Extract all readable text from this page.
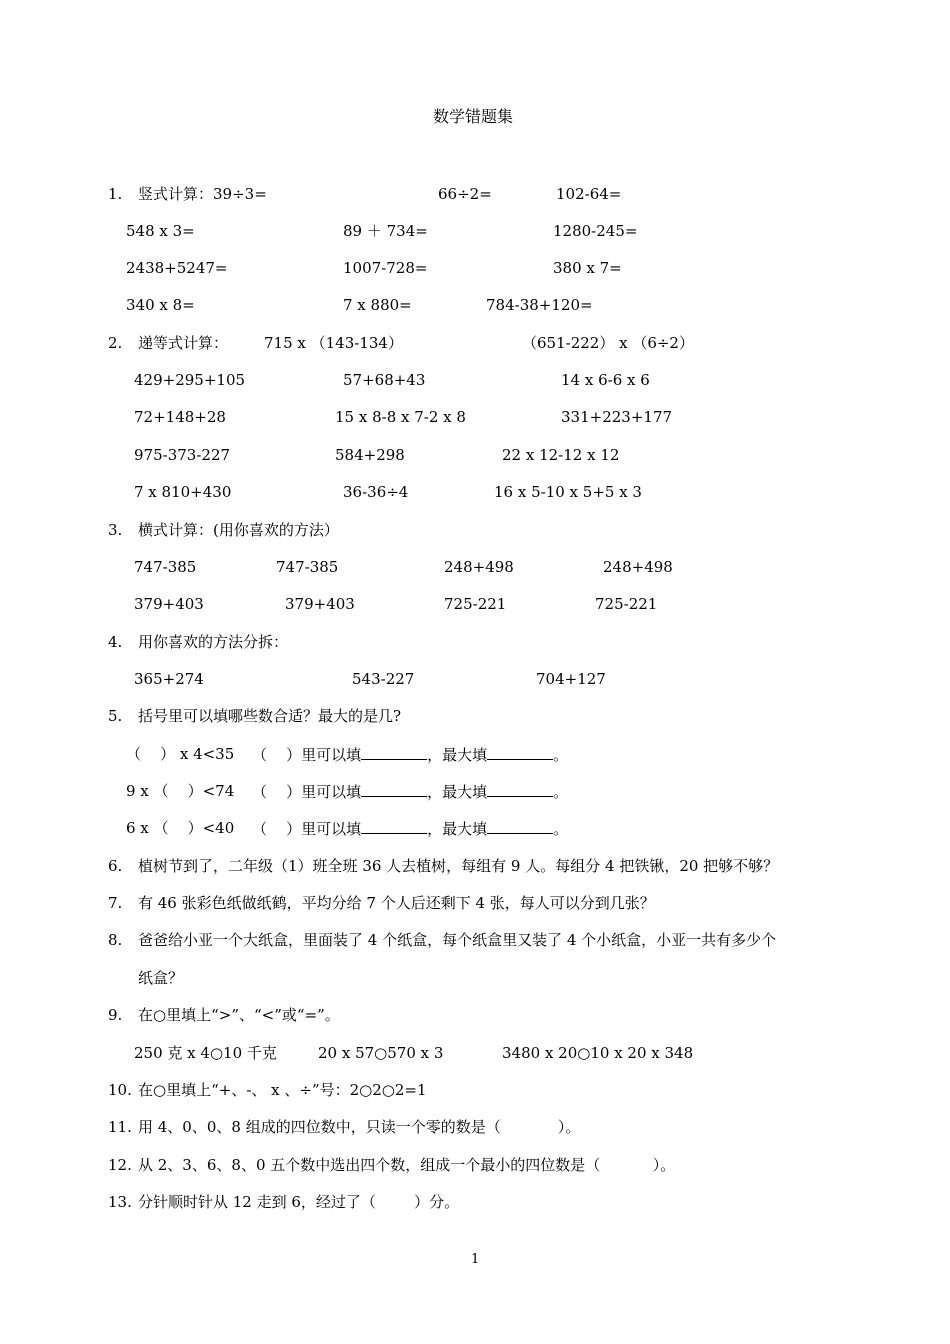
数学错题集
1. 竖式计算：39÷3=	66÷2=	102-64=
548 x 3=	89 ＋ 734=	1280-245=
2438+5247=	1007-728=	380 x 7=
340 x 8=	7 x 880=	784-38+120=
2. 递等式计算： 715 x （143-134）	（651-222） x （6÷2）
429+295+105	57+68+43	14 x 6-6 x 6
72+148+28	15 x 8-8 x 7-2 x 8	331+223+177
975-373-227	584+298	22 x 12-12 x 12
7 x 810+430	36-36÷4	16 x 5-10 x 5+5 x 3
3. 横式计算：(用你喜欢的方法）
747-385	747-385	248+498	248+498
379+403	379+403	725-221	725-221
4. 用你喜欢的方法分拆：
365+274	543-227	704+127
5. 括号里可以填哪些数合适？最大的是几?
（    ） x 4<35 （    ）里可以填	，最大填	。
9 x （    ）<74 （    ）里可以填	，最大填	。
6 x （    ）<40 （    ）里可以填	，最大填	。
6. 植树节到了，二年级（1）班全班 36 人去植树，每组有 9 人。每组分 4 把铁锹，20 把够不够？
7. 有 46 张彩色纸做纸鹤，平均分给 7 个人后还剩下 4 张，每人可以分到几张？
8. 爸爸给小亚一个大纸盒，里面装了 4 个纸盒，每个纸盒里又装了 4 个小纸盒，小亚一共有多少个
纸盒？
9. 在○里填上“>”、“<”或“=”。
250 克 x 4○10 千克	20 x 57○570 x 3	3480 x 20○10 x 20 x 348
10. 在○里填上“+、-、 x 、÷”号：2○2○2=1
11. 用 4、0、0、8 组成的四位数中，只读一个零的数是（            ）。
12. 从 2、3、6、8、0 五个数中选出四个数，组成一个最小的四位数是（           ）。
13. 分针顺时针从 12 走到 6，经过了（        ）分。
1
